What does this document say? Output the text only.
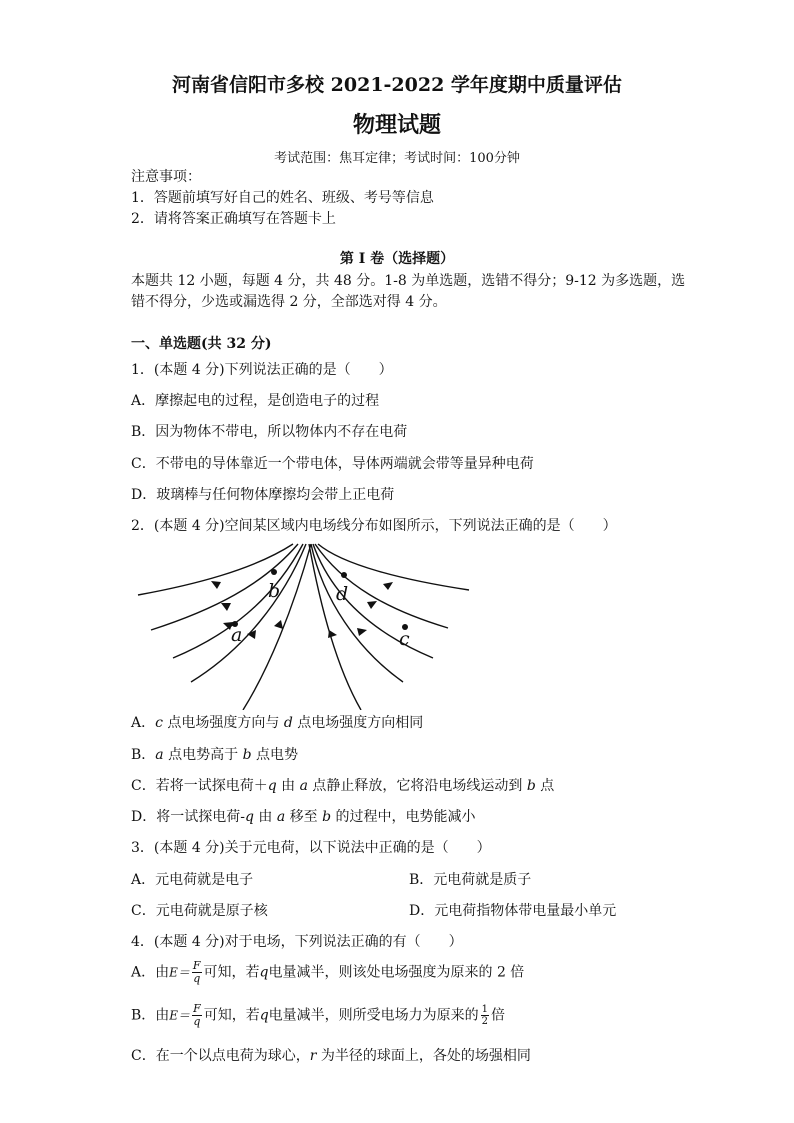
河南省信阳市多校 2021-2022 学年度期中质量评估
物理试题
考试范围：焦耳定律；考试时间：100分钟
注意事项：
1．答题前填写好自己的姓名、班级、考号等信息
2．请将答案正确填写在答题卡上
第 I 卷（选择题）
本题共 12 小题，每题 4 分，共 48 分。1-8 为单选题，选错不得分；9-12 为多选题，选
错不得分，少选或漏选得 2 分，全部选对得 4 分。
一、单选题(共 32 分)
1．(本题 4 分)下列说法正确的是（　　）
A．摩擦起电的过程，是创造电子的过程
B．因为物体不带电，所以物体内不存在电荷
C．不带电的导体靠近一个带电体，导体两端就会带等量异种电荷
D．玻璃棒与任何物体摩擦均会带上正电荷
2．(本题 4 分)空间某区域内电场线分布如图所示，下列说法正确的是（　　）
b
a
d
c
A．c 点电场强度方向与 d 点电场强度方向相同
B．a 点电势高于 b 点电势
C．若将一试探电荷＋q 由 a 点静止释放，它将沿电场线运动到 b 点
D．将一试探电荷-q 由 a 移至 b 的过程中，电势能减小
3．(本题 4 分)关于元电荷，以下说法中正确的是（　　）
A．元电荷就是电子	B．元电荷就是质子
C．元电荷就是原子核	D．元电荷指物体带电量最小单元
4．(本题 4 分)对于电场，下列说法正确的有（　　）
A．由$E= \frac{F}{q}$ 可知，若q电量减半，则该处电场强度为原来的 2 倍
B．由$E= \frac{F}{q}$ 可知，若q电量减半，则所受电场力为原来的 $\frac{1}{2}$ 倍
C．在一个以点电荷为球心，r 为半径的球面上，各处的场强相同
